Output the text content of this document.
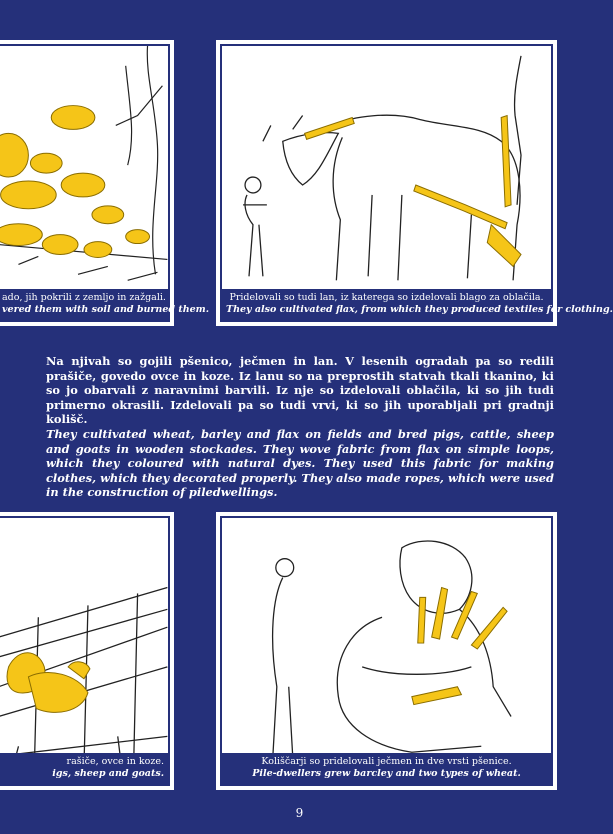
ado, jih pokrili z zemljo in zažgali.
vered them with soil and burned them.
Pridelovali so tudi lan, iz katerega so izdelovali blago za oblačila.
They also cultivated flax, from which they produced textiles for clothing.

Na njivah so gojili pšenico, ječmen in lan. V lesenih ogradah pa so redili prašiče, govedo ovce in koze. Iz lanu so na preprostih statvah tkali tkanino, ki so jo obarvali z naravnimi barvili. Iz nje so izdelovali oblačila, ki so jih tudi primerno okrasili. Izdelovali pa so tudi vrvi, ki so jih uporabljali pri gradnji kolišč.

They cultivated wheat, barley and flax on fields and bred pigs, cattle, sheep and goats in wooden stockades. They wove fabric from flax on simple loops, which they coloured with natural dyes. They used this fabric for making clothes, which they decorated properly. They also made ropes, which were used in the construction of piledwellings.

rašiče, ovce in koze.
igs, sheep and goats.
Koliščarji so pridelovali ječmen in dve vrsti pšenice.
Pile-dwellers grew barcley and two types of wheat.
9
